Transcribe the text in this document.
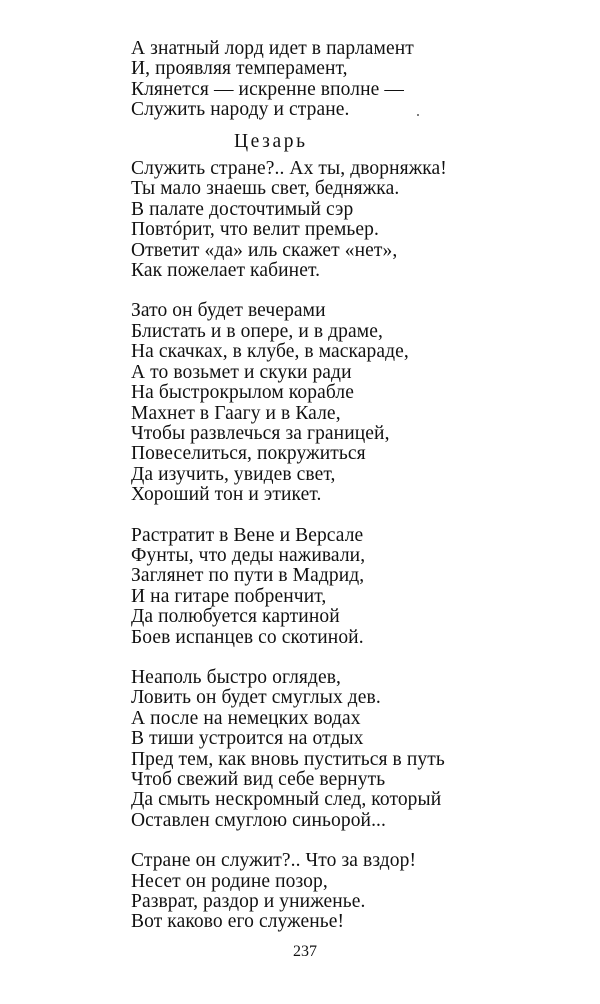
А знатный лорд идет в парламент
И, проявляя темперамент,
Клянется — искренне вполне —
Служить народу и стране.
Цезарь
Служить стране?.. Ах ты, дворняжка!
Ты мало знаешь свет, бедняжка.
В палате досточтимый сэр
Повтóрит, что велит премьер.
Ответит «да» иль скажет «нет»,
Как пожелает кабинет.
Зато он будет вечерами
Блистать и в опере, и в драме,
На скачках, в клубе, в маскараде,
А то возьмет и скуки ради
На быстрокрылом корабле
Махнет в Гаагу и в Кале,
Чтобы развлечься за границей,
Повеселиться, покружиться
Да изучить, увидев свет,
Хороший тон и этикет.
Растратит в Вене и Версале
Фунты, что деды наживали,
Заглянет по пути в Мадрид,
И на гитаре побренчит,
Да полюбуется картиной
Боев испанцев со скотиной.
Неаполь быстро оглядев,
Ловить он будет смуглых дев.
А после на немецких водах
В тиши устроится на отдых
Пред тем, как вновь пуститься в путь
Чтоб свежий вид себе вернуть
Да смыть нескромный след, который
Оставлен смуглою синьорой...
Стране он служит?.. Что за вздор!
Несет он родине позор,
Разврат, раздор и униженье.
Вот каково его служенье!
237
